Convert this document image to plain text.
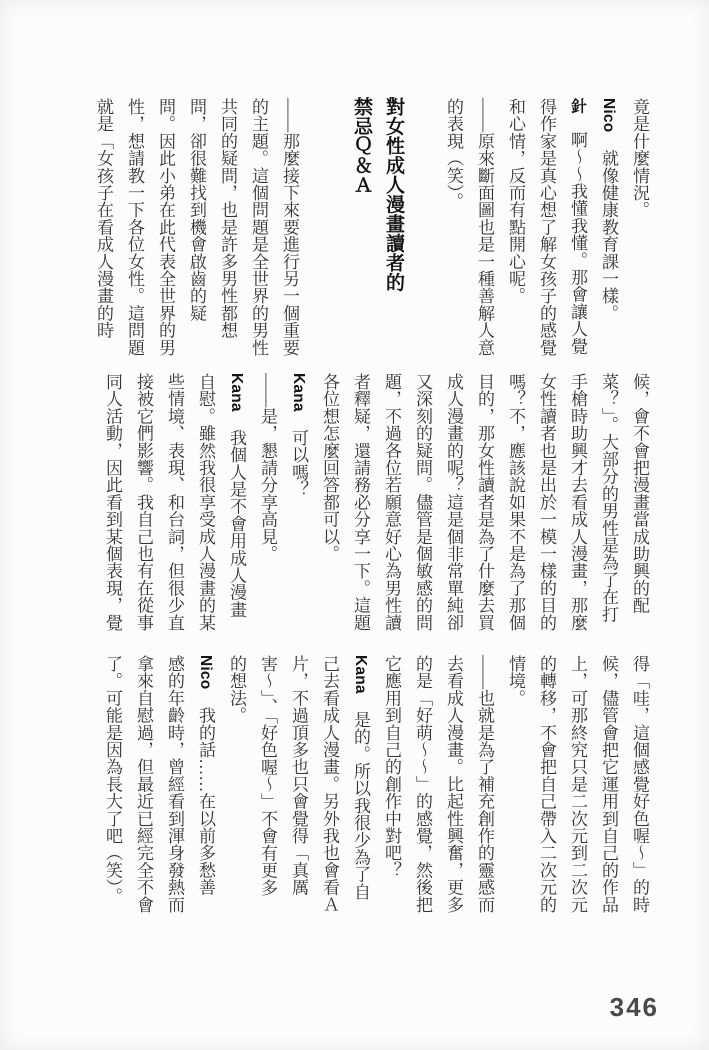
竟是什麼情況。
Nico　就像健康教育課一樣。
針　啊～～我懂我懂。那會讓人覺
得作家是真心想了解女孩子的感覺
和心情，反而有點開心呢。
——原來斷面圖也是一種善解人意
的表現（笑）。
對女性成人漫畫讀者的
禁忌Ｑ＆Ａ
——那麼接下來要進行另一個重要
的主題。這個問題是全世界的男性
共同的疑問，也是許多男性都想
問，卻很難找到機會啟齒的疑
問。因此小弟在此代表全世界的男
性，想請教一下各位女性。這問題
就是「女孩子在看成人漫畫的時
候，會不會把漫畫當成助興的配
菜？」。大部分的男性是為了在打
手槍時助興才去看成人漫畫，那麼
女性讀者也是出於一模一樣的目的
嗎？不，應該說如果不是為了那個
目的，那女性讀者是為了什麼去買
成人漫畫的呢？這是個非常單純卻
又深刻的疑問。儘管是個敏感的問
題，不過各位若願意好心為男性讀
者釋疑，還請務必分享一下。這題
各位想怎麼回答都可以。
Kana　可以嗎？
——是，懇請分享高見。
Kana　我個人是不會用成人漫畫
自慰。雖然我很享受成人漫畫的某
些情境、表現、和台詞，但很少直
接被它們影響。我自己也有在從事
同人活動，因此看到某個表現，覺
得「哇，這個感覺好色喔～」的時
候，儘管會把它運用到自己的作品
上，可那終究只是二次元到二次元
的轉移，不會把自己帶入二次元的
情境。
——也就是為了補充創作的靈感而
去看成人漫畫。比起性興奮，更多
的是「好萌～～」的感覺，然後把
它應用到自己的創作中對吧？
Kana　是的。所以我很少為了自
己去看成人漫畫。另外我也會看Ａ
片，不過頂多也只會覺得「真厲
害～」、「好色喔～」不會有更多
的想法。
Nico　我的話……在以前多愁善
感的年齡時，曾經看到渾身發熱而
拿來自慰過，但最近已經完全不會
了。可能是因為長大了吧（笑）。
346
